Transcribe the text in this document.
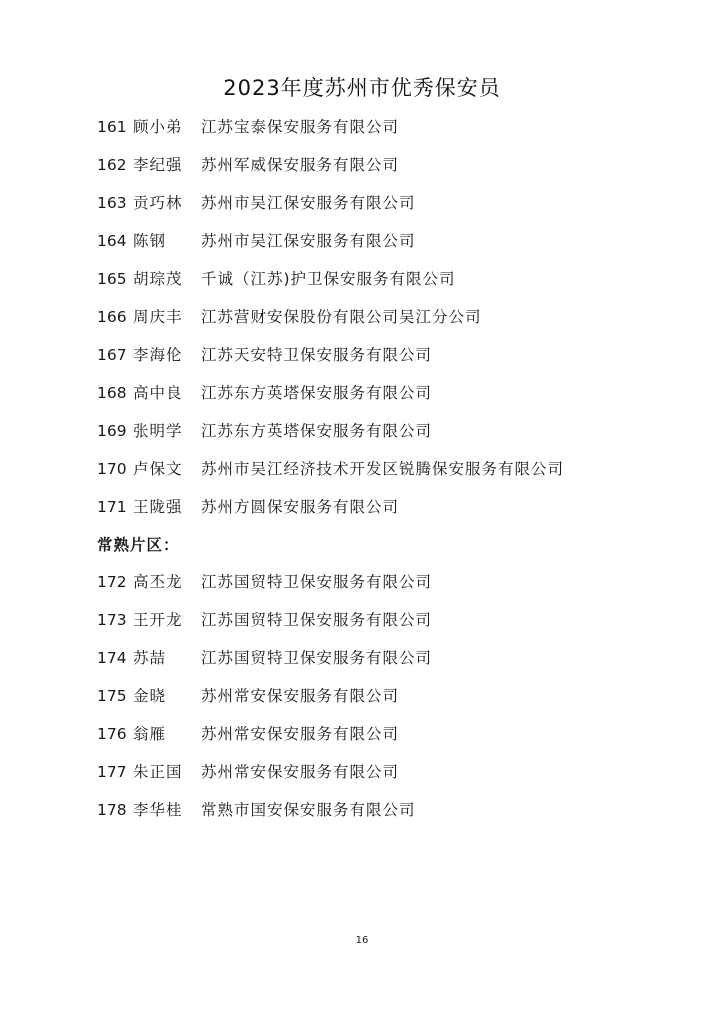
2023年度苏州市优秀保安员
161 顾小弟 江苏宝泰保安服务有限公司
162 李纪强 苏州军威保安服务有限公司
163 贡巧林 苏州市吴江保安服务有限公司
164 陈钢 苏州市吴江保安服务有限公司
165 胡琮茂 千诚（江苏)护卫保安服务有限公司
166 周庆丰 江苏营财安保股份有限公司吴江分公司
167 李海伦 江苏天安特卫保安服务有限公司
168 高中良 江苏东方英塔保安服务有限公司
169 张明学 江苏东方英塔保安服务有限公司
170 卢保文 苏州市吴江经济技术开发区锐腾保安服务有限公司
171 王陇强 苏州方圆保安服务有限公司
常熟片区：
172 高丕龙 江苏国贸特卫保安服务有限公司
173 王开龙 江苏国贸特卫保安服务有限公司
174 苏喆 江苏国贸特卫保安服务有限公司
175 金晓 苏州常安保安服务有限公司
176 翁雁 苏州常安保安服务有限公司
177 朱正国 苏州常安保安服务有限公司
178 李华桂 常熟市国安保安服务有限公司
16
